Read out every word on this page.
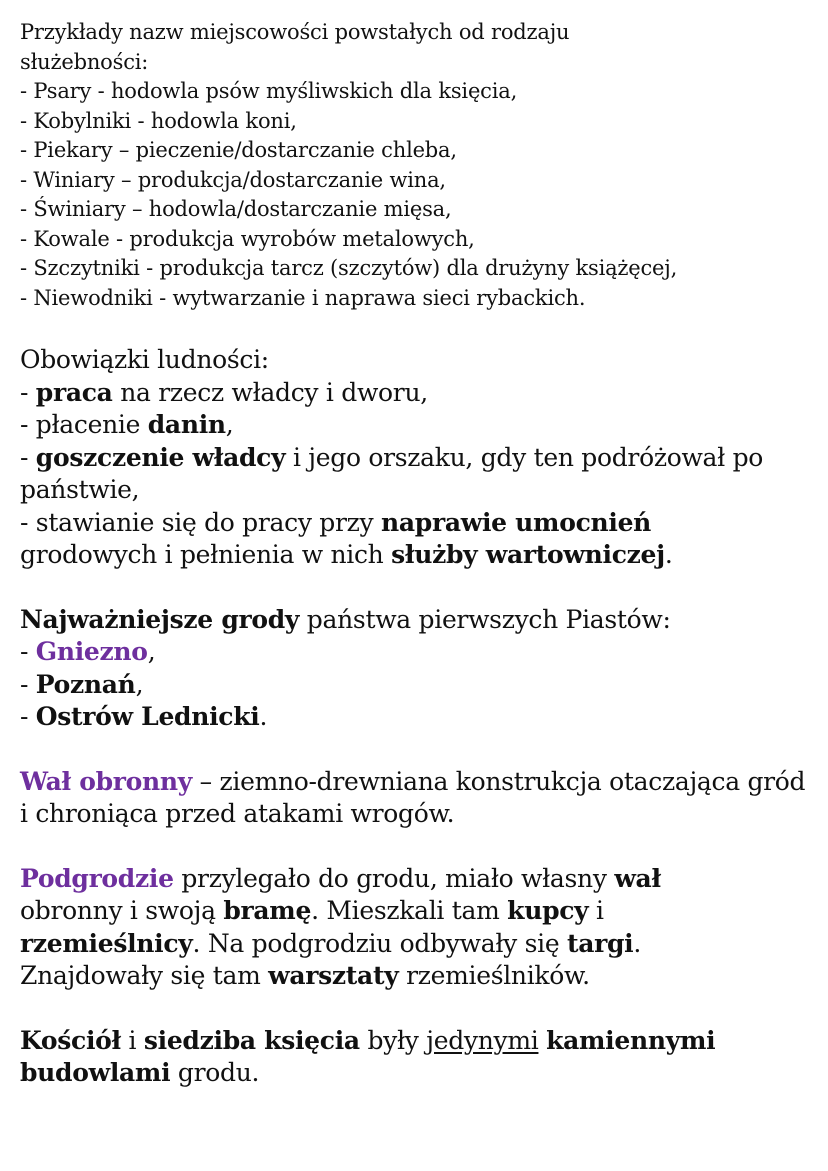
Przykłady nazw miejscowości powstałych od rodzaju służebności:

- Psary - hodowla psów myśliwskich dla księcia,
- Kobylniki - hodowla koni,
- Piekary – pieczenie/dostarczanie chleba,
- Winiary – produkcja/dostarczanie wina,
- Świniary – hodowla/dostarczanie mięsa,
- Kowale - produkcja wyrobów metalowych,
- Szczytniki - produkcja tarcz (szczytów) dla drużyny książęcej,
- Niewodniki - wytwarzanie i naprawa sieci rybackich.

Obowiązki ludności:

- praca na rzecz władcy i dworu,

- płacenie danin,

- goszczenie władcy i jego orszaku, gdy ten podróżował po państwie,

- stawianie się do pracy przy naprawie umocnień grodowych i pełnienia w nich służby wartowniczej.

Najważniejsze grody państwa pierwszych Piastów:

- Gniezno,

- Poznań,

- Ostrów Lednicki.

Wał obronny – ziemno-drewniana konstrukcja otaczająca gród i chroniąca przed atakami wrogów.

Podgrodzie przylegało do grodu, miało własny wał obronny i swoją bramę. Mieszkali tam kupcy i rzemieślnicy. Na podgrodziu odbywały się targi. Znajdowały się tam warsztaty rzemieślników.

Kościół i siedziba księcia były jedynymi kamiennymi budowlami grodu.
